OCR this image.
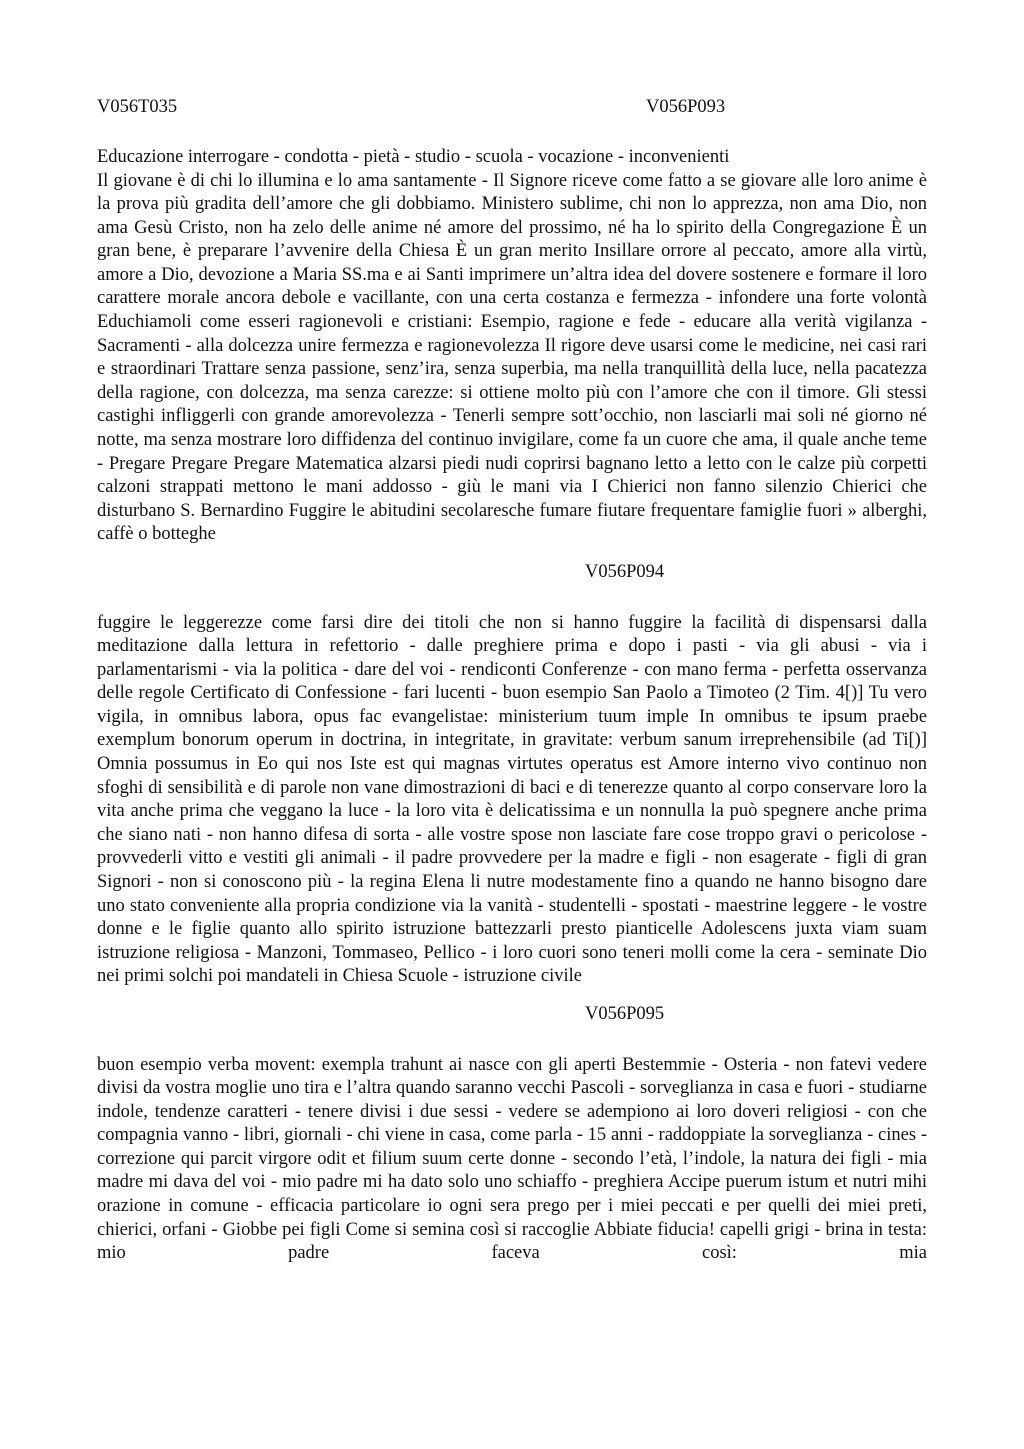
V056T035	V056P093
Educazione interrogare - condotta - pietà - studio - scuola - vocazione - inconvenienti
Il giovane è di chi lo illumina e lo ama santamente - Il Signore riceve come fatto a se giovare alle loro anime è la prova più gradita dell’amore che gli dobbiamo. Ministero sublime, chi non lo apprezza, non ama Dio, non ama Gesù Cristo, non ha zelo delle anime né amore del prossimo, né ha lo spirito della Congregazione È un gran bene, è preparare l’avvenire della Chiesa È un gran merito Insillare orrore al peccato, amore alla virtù, amore a Dio, devozione a Maria SS.ma e ai Santi imprimere un’altra idea del dovere sostenere e formare il loro carattere morale ancora debole e vacillante, con una certa costanza e fermezza - infondere una forte volontà Educhiamoli come esseri ragionevoli e cristiani: Esempio, ragione e fede - educare alla verità vigilanza - Sacramenti - alla dolcezza unire fermezza e ragionevolezza Il rigore deve usarsi come le medicine, nei casi rari e straordinari Trattare senza passione, senz’ira, senza superbia, ma nella tranquillità della luce, nella pacatezza della ragione, con dolcezza, ma senza carezze: si ottiene molto più con l’amore che con il timore. Gli stessi castighi infliggerli con grande amorevolezza - Tenerli sempre sott’occhio, non lasciarli mai soli né giorno né notte, ma senza mostrare loro diffidenza del continuo invigilare, come fa un cuore che ama, il quale anche teme - Pregare Pregare Pregare Matematica alzarsi piedi nudi coprirsi bagnano letto a letto con le calze più corpetti calzoni strappati mettono le mani addosso - giù le mani via I Chierici non fanno silenzio Chierici che disturbano S. Bernardino Fuggire le abitudini secolaresche fumare fiutare frequentare famiglie fuori » alberghi, caffè o botteghe
V056P094
fuggire le leggerezze come farsi dire dei titoli che non si hanno fuggire la facilità di dispensarsi dalla meditazione dalla lettura in refettorio - dalle preghiere prima e dopo i pasti - via gli abusi - via i parlamentarismi - via la politica - dare del voi - rendiconti Conferenze - con mano ferma - perfetta osservanza delle regole Certificato di Confessione - fari lucenti - buon esempio San Paolo a Timoteo (2 Tim. 4[)] Tu vero vigila, in omnibus labora, opus fac evangelistae: ministerium tuum imple In omnibus te ipsum praebe exemplum bonorum operum in doctrina, in integritate, in gravitate: verbum sanum irreprehensibile (ad Ti[)] Omnia possumus in Eo qui nos Iste est qui magnas virtutes operatus est Amore interno vivo continuo non sfoghi di sensibilità e di parole non vane dimostrazioni di baci e di tenerezze quanto al corpo conservare loro la vita anche prima che veggano la luce - la loro vita è delicatissima e un nonnulla la può spegnere anche prima che siano nati - non hanno difesa di sorta - alle vostre spose non lasciate fare cose troppo gravi o pericolose - provvederli vitto e vestiti gli animali - il padre provvedere per la madre e figli - non esagerate - figli di gran Signori - non si conoscono più - la regina Elena li nutre modestamente fino a quando ne hanno bisogno dare uno stato conveniente alla propria condizione via la vanità - studentelli - spostati - maestrine leggere - le vostre donne e le figlie quanto allo spirito istruzione battezzarli presto pianticelle Adolescens juxta viam suam istruzione religiosa - Manzoni, Tommaseo, Pellico - i loro cuori sono teneri molli come la cera - seminate Dio nei primi solchi poi mandateli in Chiesa Scuole - istruzione civile
V056P095
buon esempio verba movent: exempla trahunt ai nasce con gli aperti Bestemmie - Osteria - non fatevi vedere divisi da vostra moglie uno tira e l’altra quando saranno vecchi Pascoli - sorveglianza in casa e fuori - studiarne indole, tendenze caratteri - tenere divisi i due sessi - vedere se adempiono ai loro doveri religiosi - con che compagnia vanno - libri, giornali - chi viene in casa, come parla - 15 anni - raddoppiate la sorveglianza - cines - correzione qui parcit virgore odit et filium suum certe donne - secondo l’età, l’indole, la natura dei figli - mia madre mi dava del voi - mio padre mi ha dato solo uno schiaffo - preghiera Accipe puerum istum et nutri mihi orazione in comune - efficacia particolare io ogni sera prego per i miei peccati e per quelli dei miei preti, chierici, orfani - Giobbe pei figli Come si semina così si raccoglie Abbiate fiducia! capelli grigi - brina in testa: mio padre faceva così: mia
